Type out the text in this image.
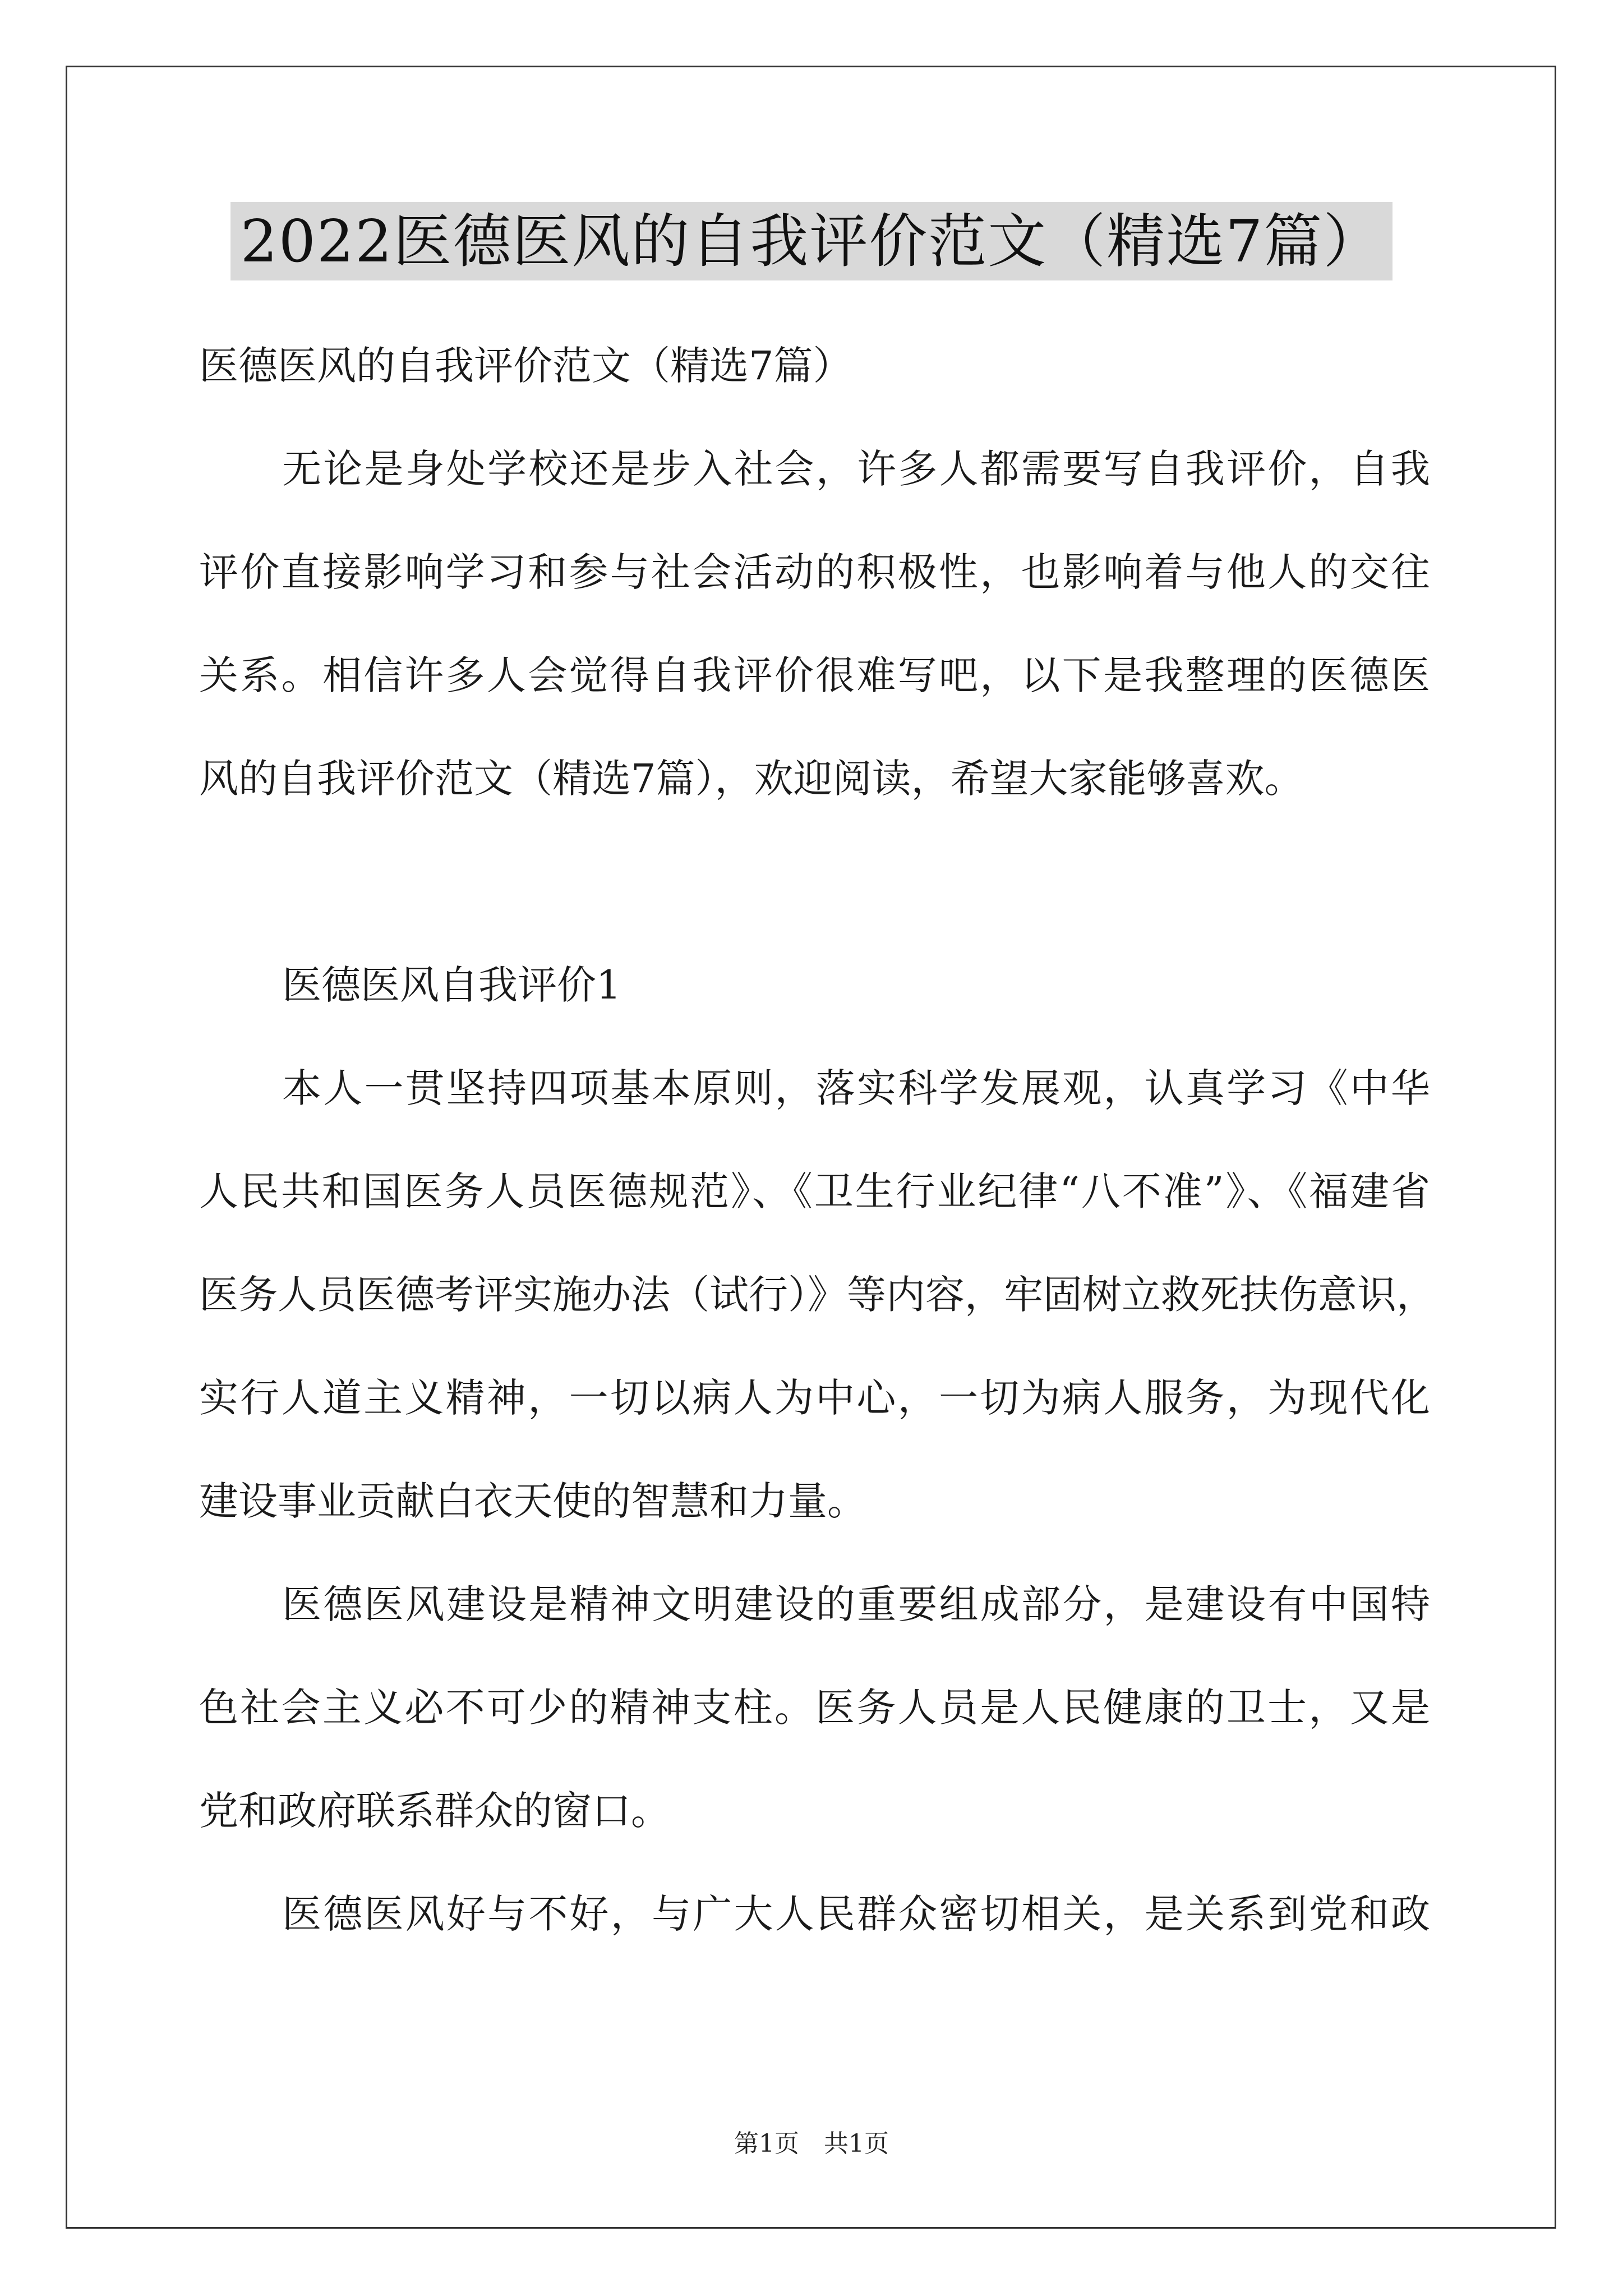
2022医德医风的自我评价范文（精选7篇）
医德医风的自我评价范文（精选7篇）
无论是身处学校还是步入社会，许多人都需要写自我评价，自我
评价直接影响学习和参与社会活动的积极性，也影响着与他人的交往
关系。相信许多人会觉得自我评价很难写吧，以下是我整理的医德医
风的自我评价范文（精选7篇），欢迎阅读，希望大家能够喜欢。
医德医风自我评价1
本人一贯坚持四项基本原则，落实科学发展观，认真学习《中华
人民共和国医务人员医德规范》、《卫生行业纪律“八不准”》、《福建省
医务人员医德考评实施办法（试行）》等内容，牢固树立救死扶伤意识，
实行人道主义精神，一切以病人为中心，一切为病人服务，为现代化
建设事业贡献白衣天使的智慧和力量。
医德医风建设是精神文明建设的重要组成部分，是建设有中国特
色社会主义必不可少的精神支柱。医务人员是人民健康的卫士，又是
党和政府联系群众的窗口。
医德医风好与不好，与广大人民群众密切相关，是关系到党和政
第1页　共1页
